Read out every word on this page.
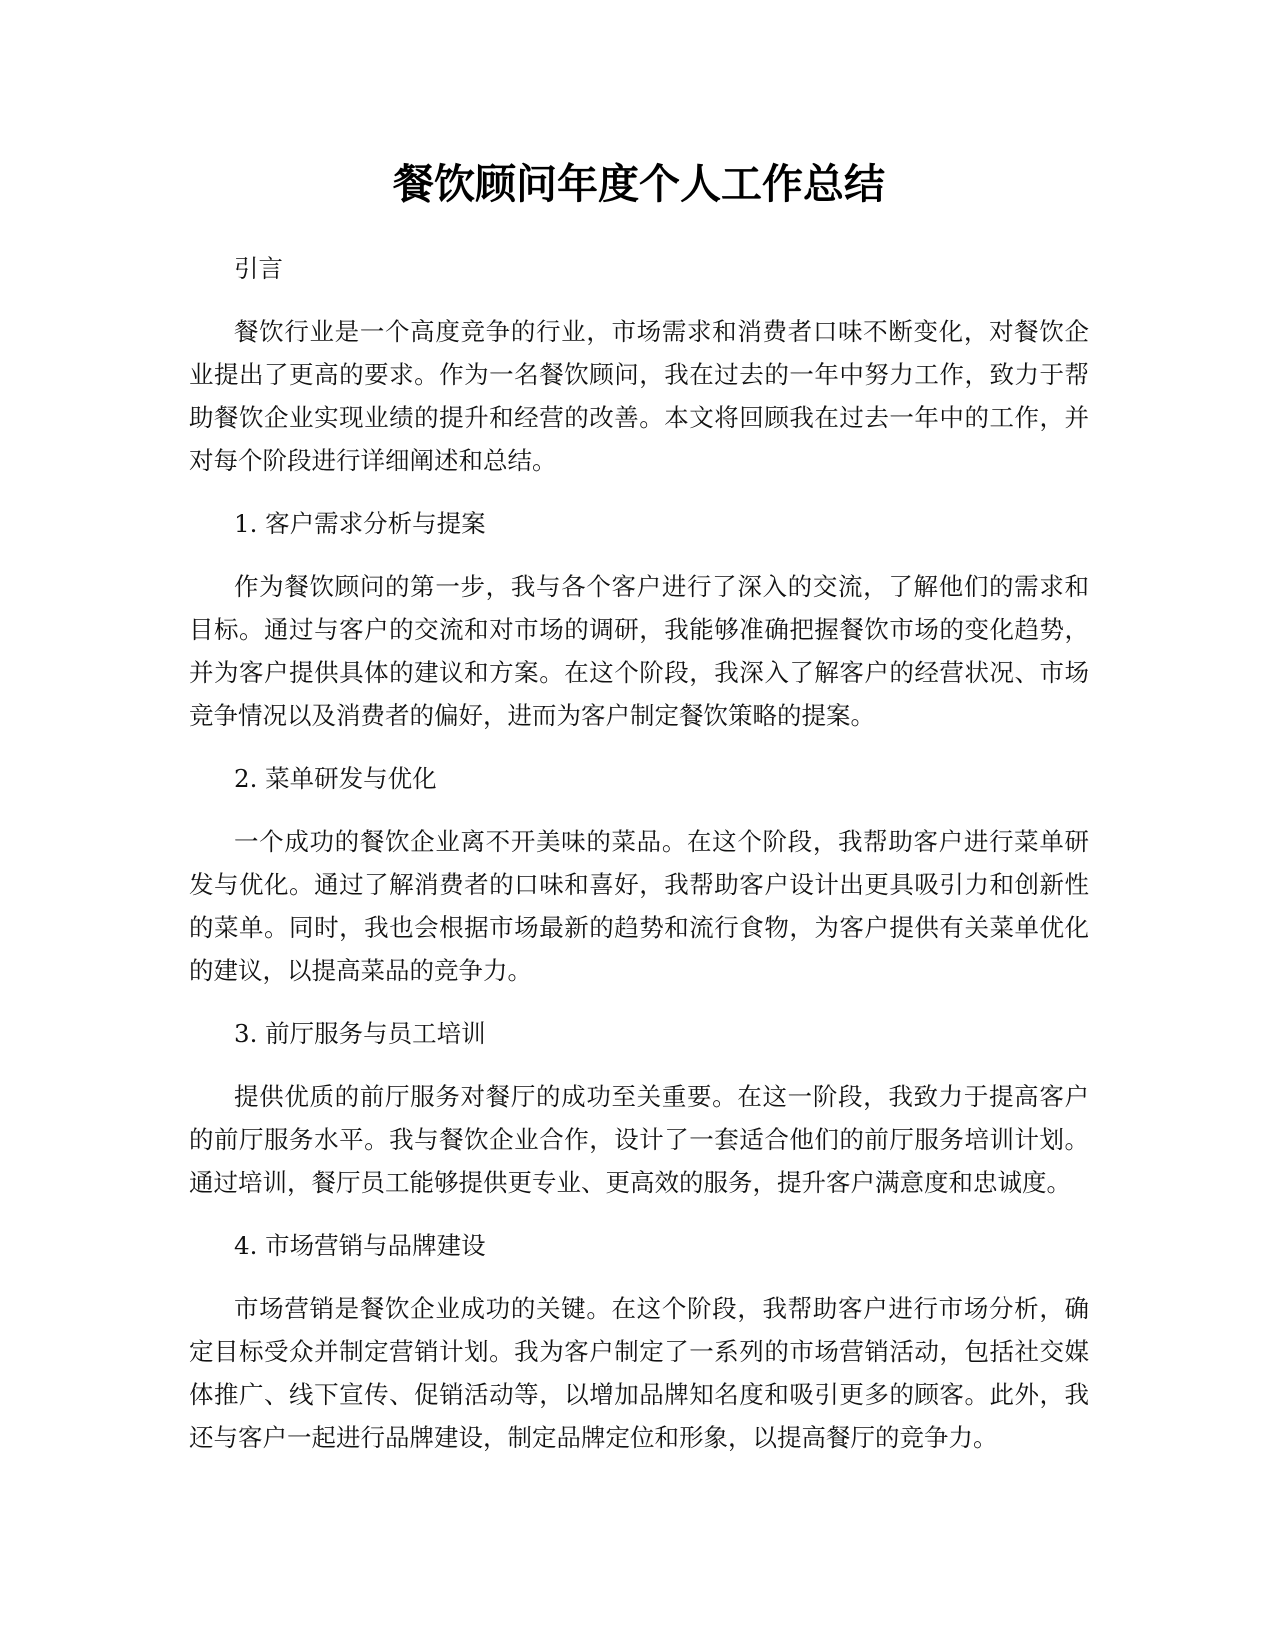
餐饮顾问年度个人工作总结

引言

餐饮行业是一个高度竞争的行业，市场需求和消费者口味不断变化，对餐饮企业提出了更高的要求。作为一名餐饮顾问，我在过去的一年中努力工作，致力于帮助餐饮企业实现业绩的提升和经营的改善。本文将回顾我在过去一年中的工作，并对每个阶段进行详细阐述和总结。

1. 客户需求分析与提案

作为餐饮顾问的第一步，我与各个客户进行了深入的交流，了解他们的需求和目标。通过与客户的交流和对市场的调研，我能够准确把握餐饮市场的变化趋势，并为客户提供具体的建议和方案。在这个阶段，我深入了解客户的经营状况、市场竞争情况以及消费者的偏好，进而为客户制定餐饮策略的提案。

2. 菜单研发与优化

一个成功的餐饮企业离不开美味的菜品。在这个阶段，我帮助客户进行菜单研发与优化。通过了解消费者的口味和喜好，我帮助客户设计出更具吸引力和创新性的菜单。同时，我也会根据市场最新的趋势和流行食物，为客户提供有关菜单优化的建议，以提高菜品的竞争力。

3. 前厅服务与员工培训

提供优质的前厅服务对餐厅的成功至关重要。在这一阶段，我致力于提高客户的前厅服务水平。我与餐饮企业合作，设计了一套适合他们的前厅服务培训计划。通过培训，餐厅员工能够提供更专业、更高效的服务，提升客户满意度和忠诚度。

4. 市场营销与品牌建设

市场营销是餐饮企业成功的关键。在这个阶段，我帮助客户进行市场分析，确定目标受众并制定营销计划。我为客户制定了一系列的市场营销活动，包括社交媒体推广、线下宣传、促销活动等，以增加品牌知名度和吸引更多的顾客。此外，我还与客户一起进行品牌建设，制定品牌定位和形象，以提高餐厅的竞争力。
